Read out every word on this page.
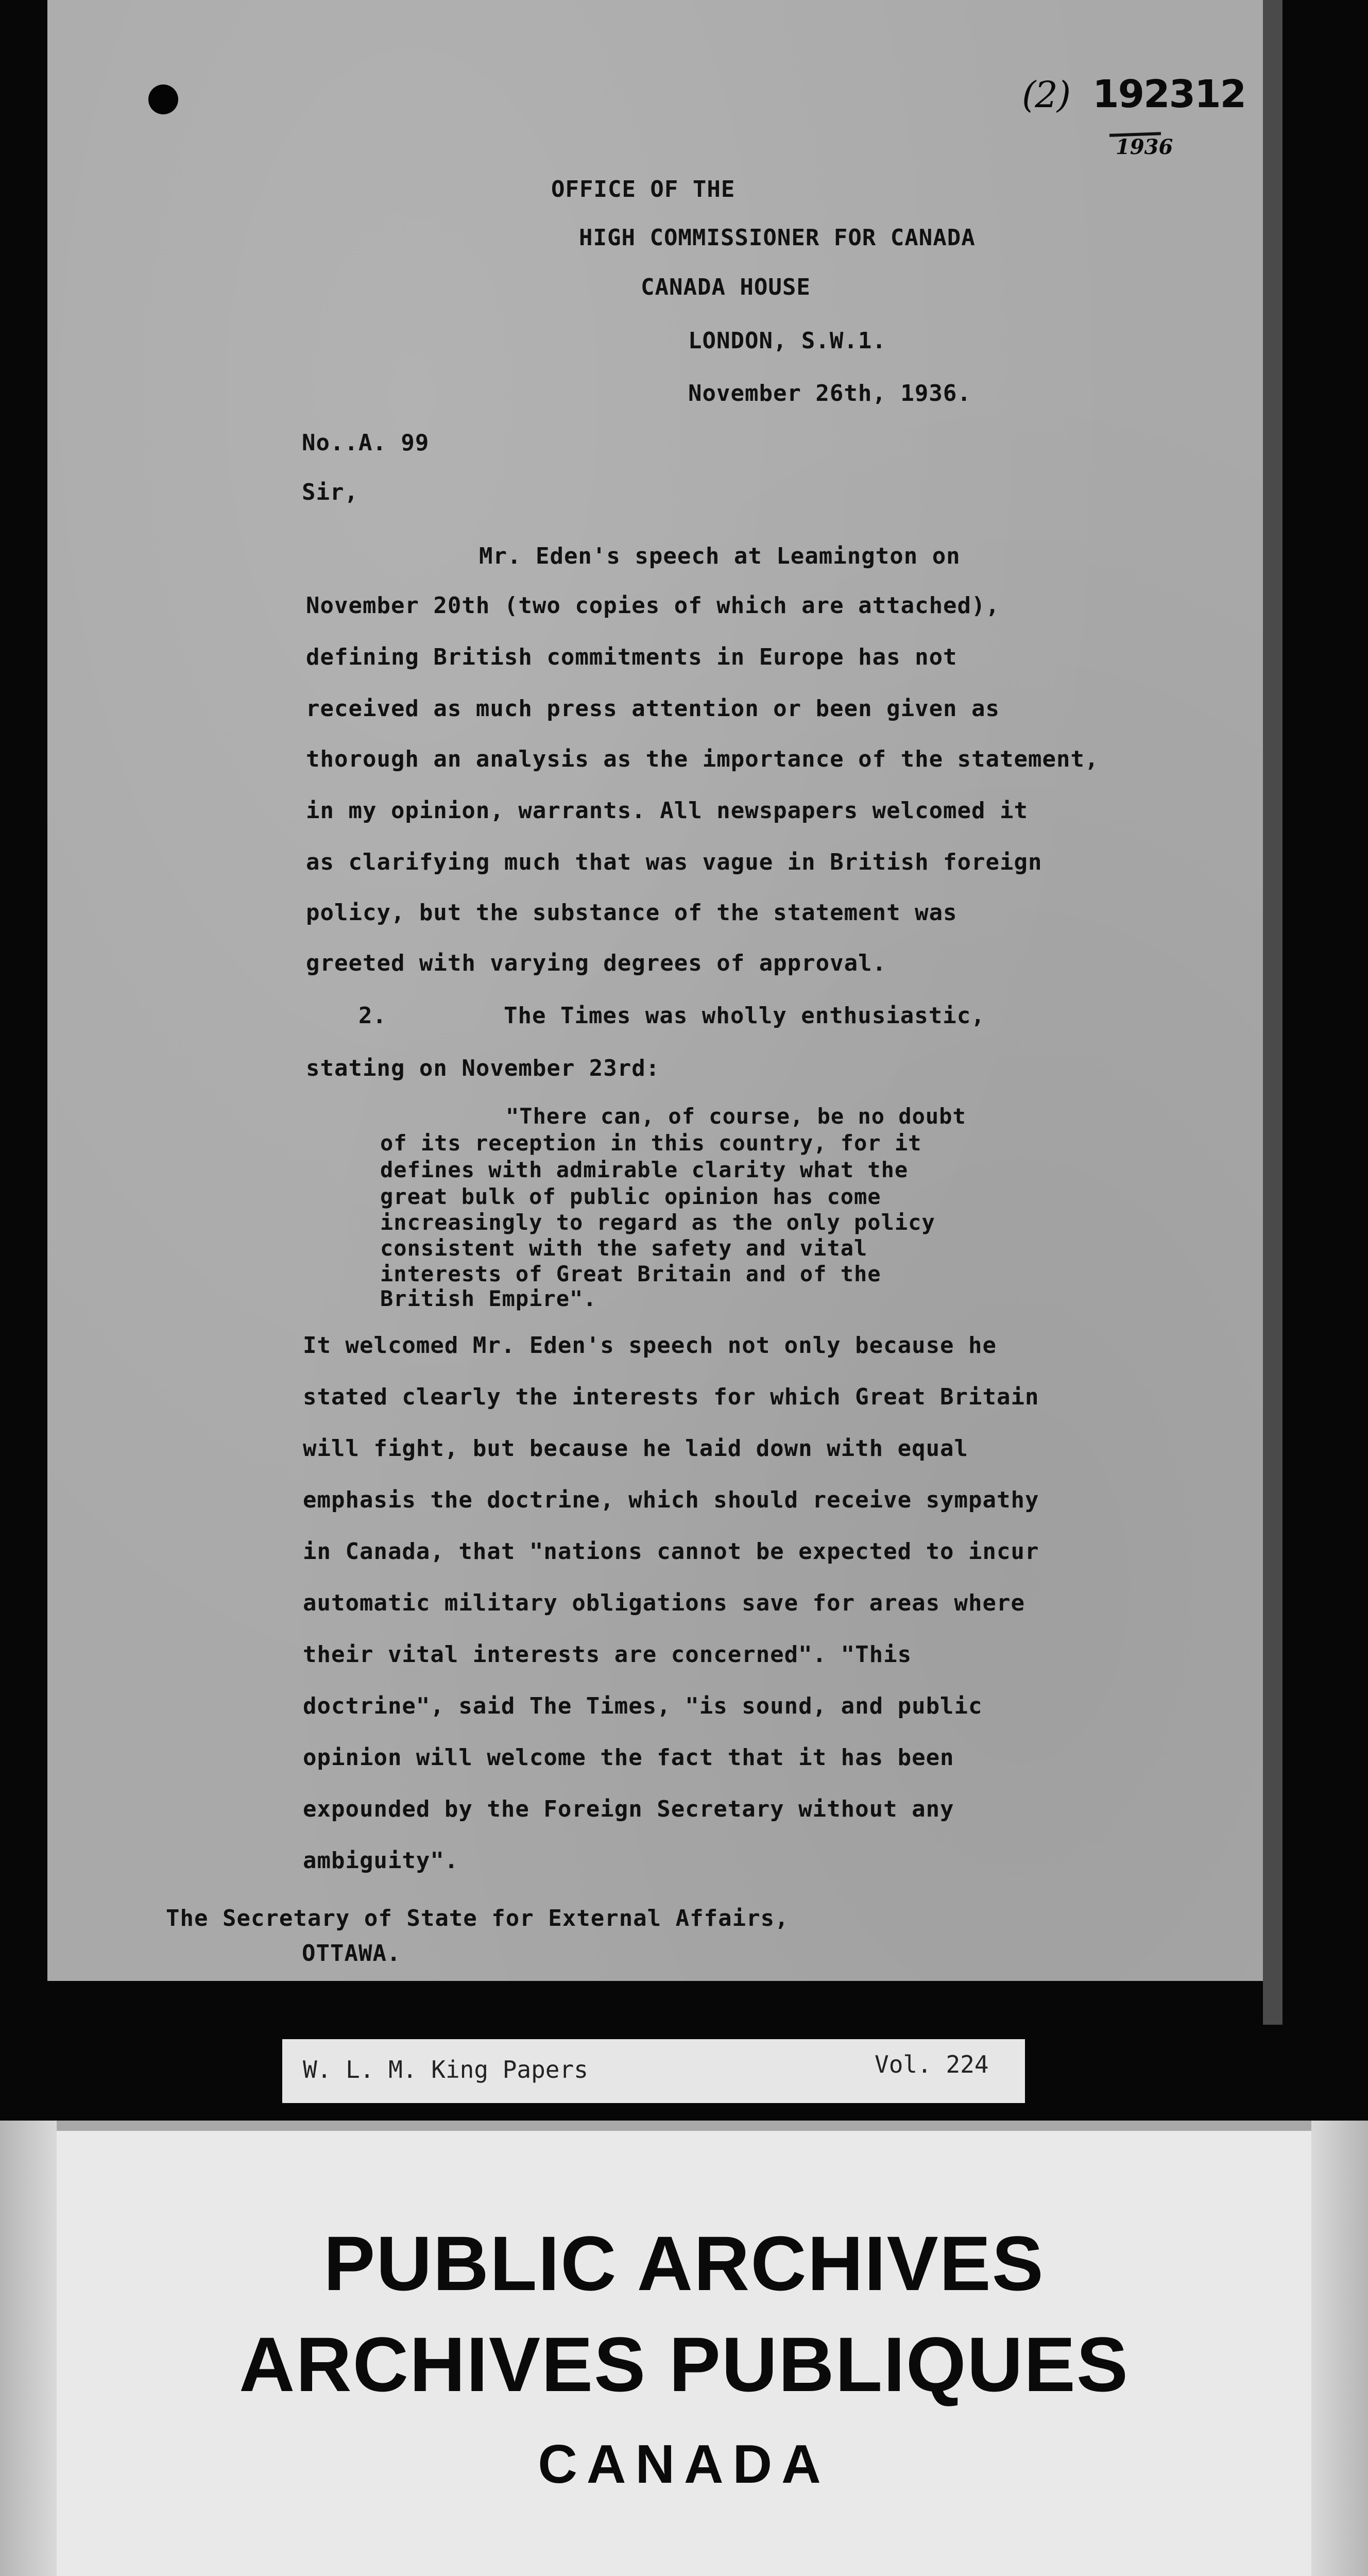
(2) 192312
1936
OFFICE OF THE
HIGH COMMISSIONER FOR CANADA
CANADA HOUSE
LONDON, S.W.1.
November 26th, 1936.
No..A. 99
Sir,
Mr. Eden's speech at Leamington on
November 20th (two copies of which are attached),
defining British commitments in Europe has not
received as much press attention or been given as
thorough an analysis as the importance of the statement,
in my opinion, warrants. All newspapers welcomed it
as clarifying much that was vague in British foreign
policy, but the substance of the statement was
greeted with varying degrees of approval.
2.	The Times was wholly enthusiastic,
stating on November 23rd:
"There can, of course, be no doubt
of its reception in this country, for it
defines with admirable clarity what the
great bulk of public opinion has come
increasingly to regard as the only policy
consistent with the safety and vital
interests of Great Britain and of the
British Empire".
It welcomed Mr. Eden's speech not only because he
stated clearly the interests for which Great Britain
will fight, but because he laid down with equal
emphasis the doctrine, which should receive sympathy
in Canada, that "nations cannot be expected to incur
automatic military obligations save for areas where
their vital interests are concerned". "This
doctrine", said The Times, "is sound, and public
opinion will welcome the fact that it has been
expounded by the Foreign Secretary without any
ambiguity".
The Secretary of State for External Affairs,
OTTAWA.
W. L. M. King Papers	Vol. 224
PUBLIC ARCHIVES
ARCHIVES PUBLIQUES
CANADA
